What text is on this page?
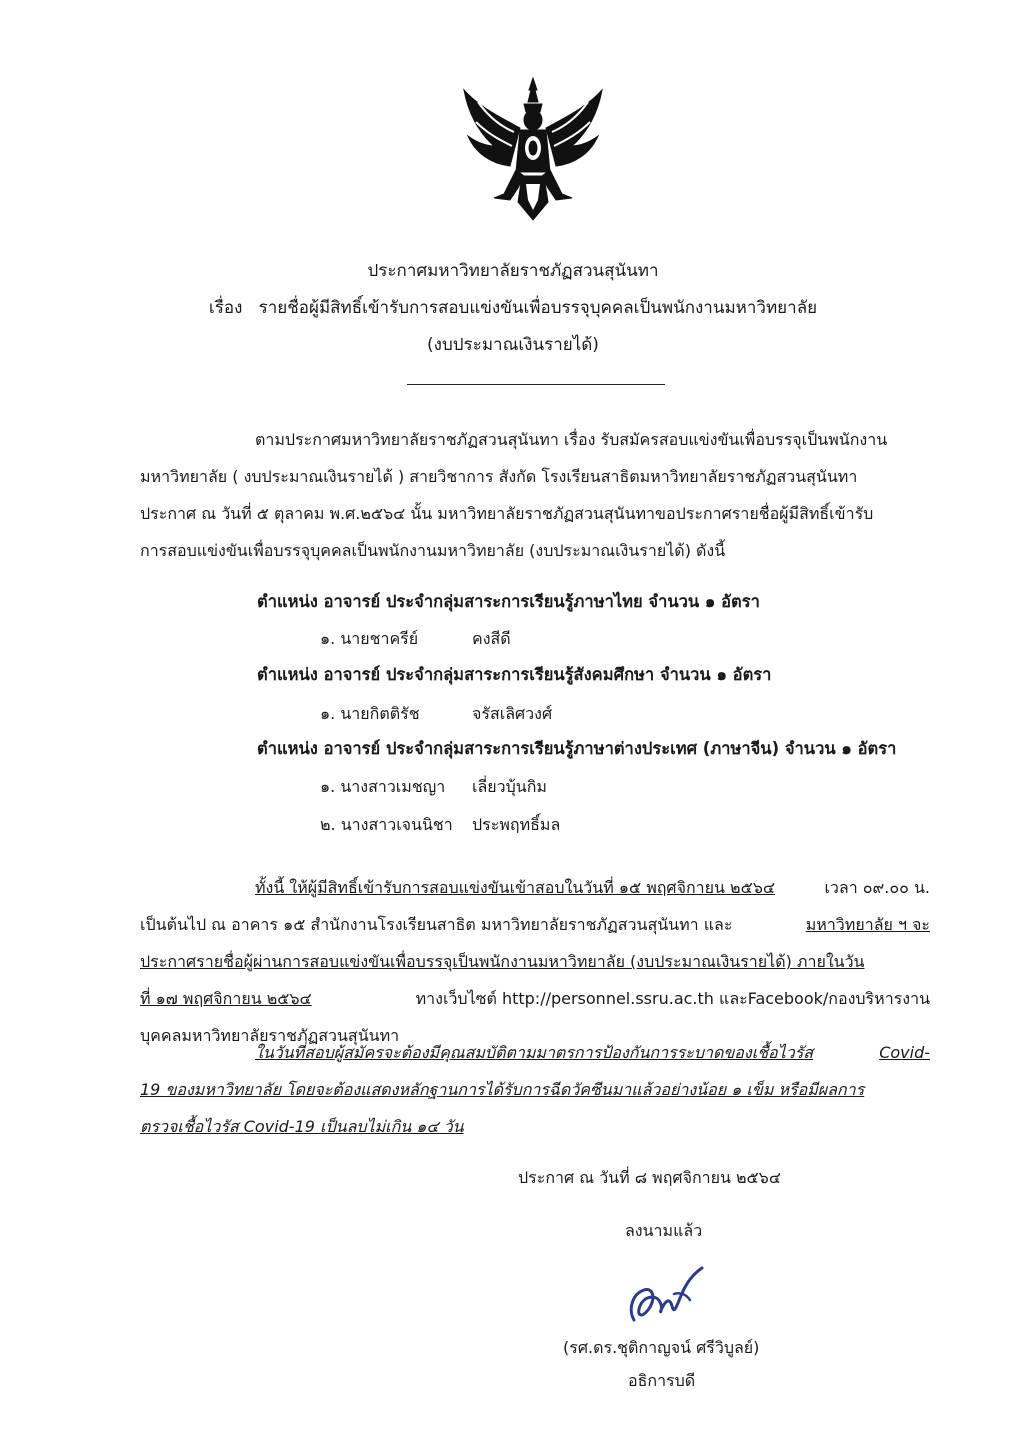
ประกาศมหาวิทยาลัยราชภัฏสวนสุนันทา
เรื่อง รายชื่อผู้มีสิทธิ์เข้ารับการสอบแข่งขันเพื่อบรรจุบุคคลเป็นพนักงานมหาวิทยาลัย
(งบประมาณเงินรายได้)

ตามประกาศมหาวิทยาลัยราชภัฏสวนสุนันทา เรื่อง รับสมัครสอบแข่งขันเพื่อบรรจุเป็นพนักงาน

มหาวิทยาลัย ( งบประมาณเงินรายได้ ) สายวิชาการ สังกัด โรงเรียนสาธิตมหาวิทยาลัยราชภัฏสวนสุนันทา

ประกาศ ณ วันที่ ๕ ตุลาคม พ.ศ.๒๕๖๔ นั้น มหาวิทยาลัยราชภัฏสวนสุนันทาขอประกาศรายชื่อผู้มีสิทธิ์เข้ารับ

การสอบแข่งขันเพื่อบรรจุบุคคลเป็นพนักงานมหาวิทยาลัย (งบประมาณเงินรายได้) ดังนี้

ตำแหน่ง อาจารย์ ประจำกลุ่มสาระการเรียนรู้ภาษาไทย จำนวน ๑ อัตรา
๑. นายชาครีย์	คงสีดี
ตำแหน่ง อาจารย์ ประจำกลุ่มสาระการเรียนรู้สังคมศึกษา จำนวน ๑ อัตรา
๑. นายกิตติรัช	จรัสเลิศวงศ์
ตำแหน่ง อาจารย์ ประจำกลุ่มสาระการเรียนรู้ภาษาต่างประเทศ (ภาษาจีน) จำนวน ๑ อัตรา
๑. นางสาวเมชญา เลี่ยวบุ้นกิม
๒. นางสาวเจนนิชา ประพฤทธิ์มล

ทั้งนี้ ให้ผู้มีสิทธิ์เข้ารับการสอบแข่งขันเข้าสอบในวันที่ ๑๕ พฤศจิกายน ๒๕๖๔	เวลา ๐๙.๐๐ น.

เป็นต้นไป ณ อาคาร ๑๕ สำนักงานโรงเรียนสาธิต มหาวิทยาลัยราชภัฏสวนสุนันทา และ	มหาวิทยาลัย ฯ จะ

ประกาศรายชื่อผู้ผ่านการสอบแข่งขันเพื่อบรรจุเป็นพนักงานมหาวิทยาลัย (งบประมาณเงินรายได้) ภายในวัน

ที่ ๑๗ พฤศจิกายน ๒๕๖๔	ทางเว็บไซต์ http://personnel.ssru.ac.th และFacebook/กองบริหารงาน

บุคคลมหาวิทยาลัยราชภัฏสวนสุนันทา

ในวันที่สอบผู้สมัครจะต้องมีคุณสมบัติตามมาตรการป้องกันการระบาดของเชื้อไวรัส	Covid-

19 ของมหาวิทยาลัย โดยจะต้องแสดงหลักฐานการได้รับการฉีดวัคซีนมาแล้วอย่างน้อย ๑ เข็ม หรือมีผลการ

ตรวจเชื้อไวรัส Covid-19 เป็นลบไม่เกิน ๑๔ วัน

ประกาศ ณ วันที่ ๘ พฤศจิกายน ๒๕๖๔
ลงนามแล้ว
(รศ.ดร.ชุติกาญจน์ ศรีวิบูลย์)
อธิการบดี
